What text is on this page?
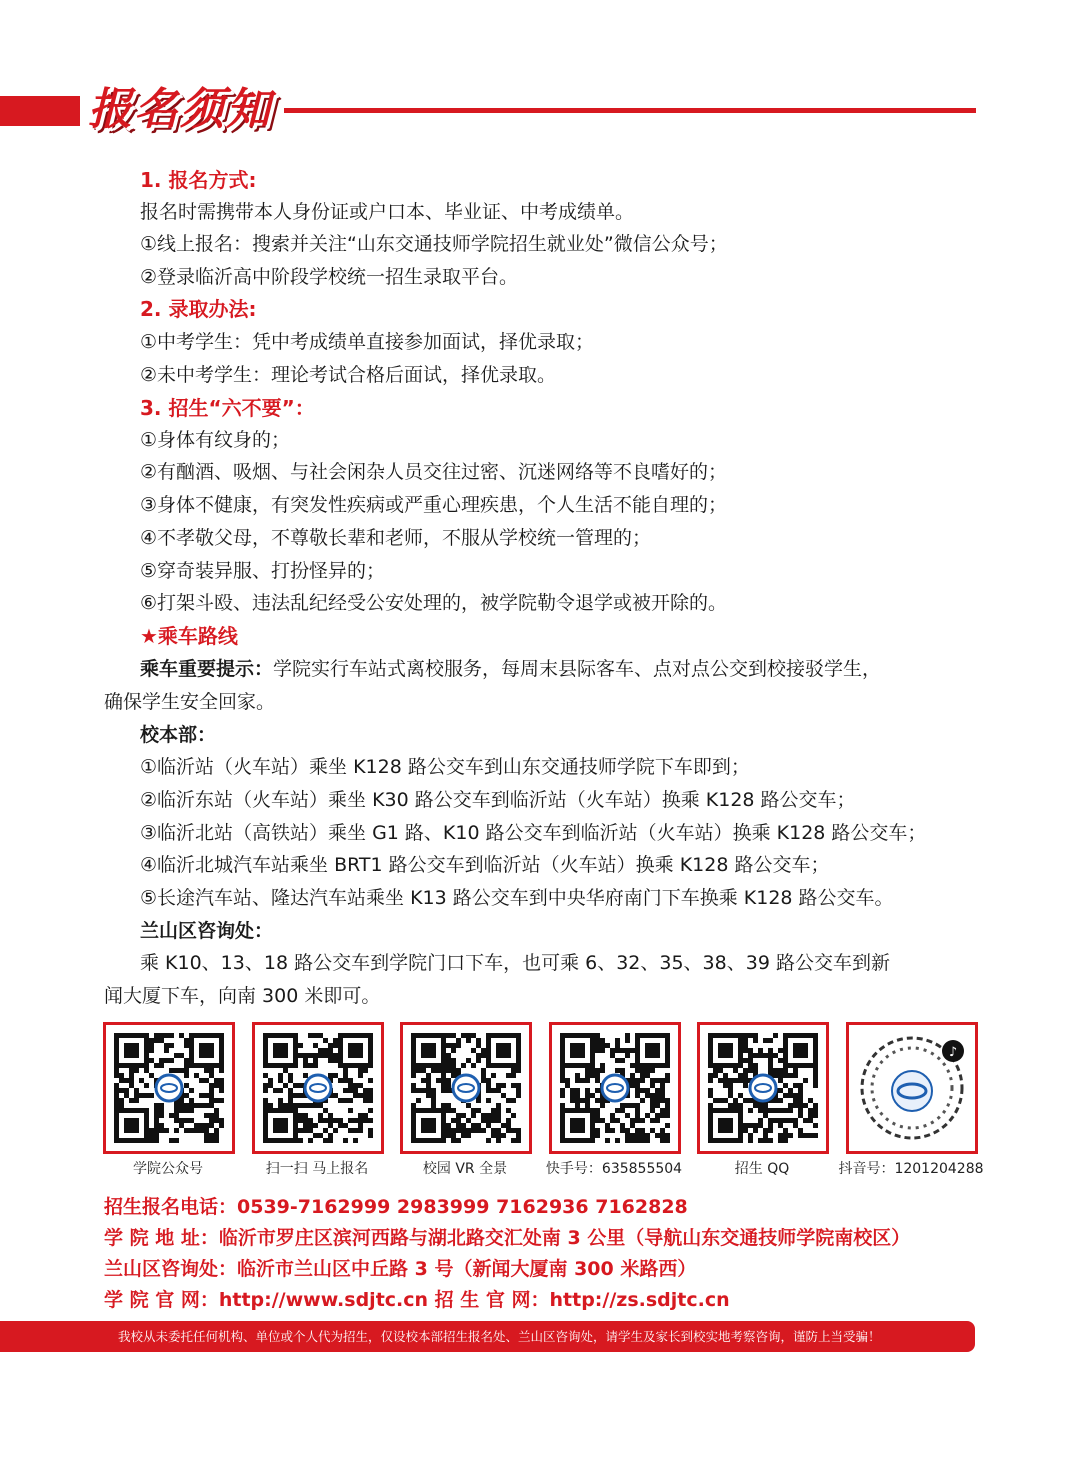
报名须知
1. 报名方式:
报名时需携带本人身份证或户口本、毕业证、中考成绩单。
①线上报名：搜索并关注“山东交通技师学院招生就业处”微信公众号；
②登录临沂高中阶段学校统一招生录取平台。
2. 录取办法:
①中考学生：凭中考成绩单直接参加面试，择优录取；
②未中考学生：理论考试合格后面试，择优录取。
3. 招生“六不要”：
①身体有纹身的；
②有酗酒、吸烟、与社会闲杂人员交往过密、沉迷网络等不良嗜好的；
③身体不健康，有突发性疾病或严重心理疾患，个人生活不能自理的；
④不孝敬父母，不尊敬长辈和老师，不服从学校统一管理的；
⑤穿奇装异服、打扮怪异的；
⑥打架斗殴、违法乱纪经受公安处理的，被学院勒令退学或被开除的。
★乘车路线
乘车重要提示：学院实行车站式离校服务，每周末县际客车、点对点公交到校接驳学生，
确保学生安全回家。
校本部：
①临沂站（火车站）乘坐 K128 路公交车到山东交通技师学院下车即到；
②临沂东站（火车站）乘坐 K30 路公交车到临沂站（火车站）换乘 K128 路公交车；
③临沂北站（高铁站）乘坐 G1 路、K10 路公交车到临沂站（火车站）换乘 K128 路公交车；
④临沂北城汽车站乘坐 BRT1 路公交车到临沂站（火车站）换乘 K128 路公交车；
⑤长途汽车站、隆达汽车站乘坐 K13 路公交车到中央华府南门下车换乘 K128 路公交车。
兰山区咨询处：
乘 K10、13、18 路公交车到学院门口下车，也可乘 6、32、35、38、39 路公交车到新
闻大厦下车，向南 300 米即可。
学院公众号	扫一扫 马上报名	校园 VR 全景	快手号：635855504	招生 QQ
♪
抖音号：1201204288
招生报名电话：0539-7162999 2983999 7162936 7162828
学 院 地 址：临沂市罗庄区滨河西路与湖北路交汇处南 3 公里（导航山东交通技师学院南校区）
兰山区咨询处：临沂市兰山区中丘路 3 号（新闻大厦南 300 米路西）
学 院 官 网：http://www.sdjtc.cn 招 生 官 网：http://zs.sdjtc.cn
我校从未委托任何机构、单位或个人代为招生，仅设校本部招生报名处、兰山区咨询处，请学生及家长到校实地考察咨询，谨防上当受骗！
